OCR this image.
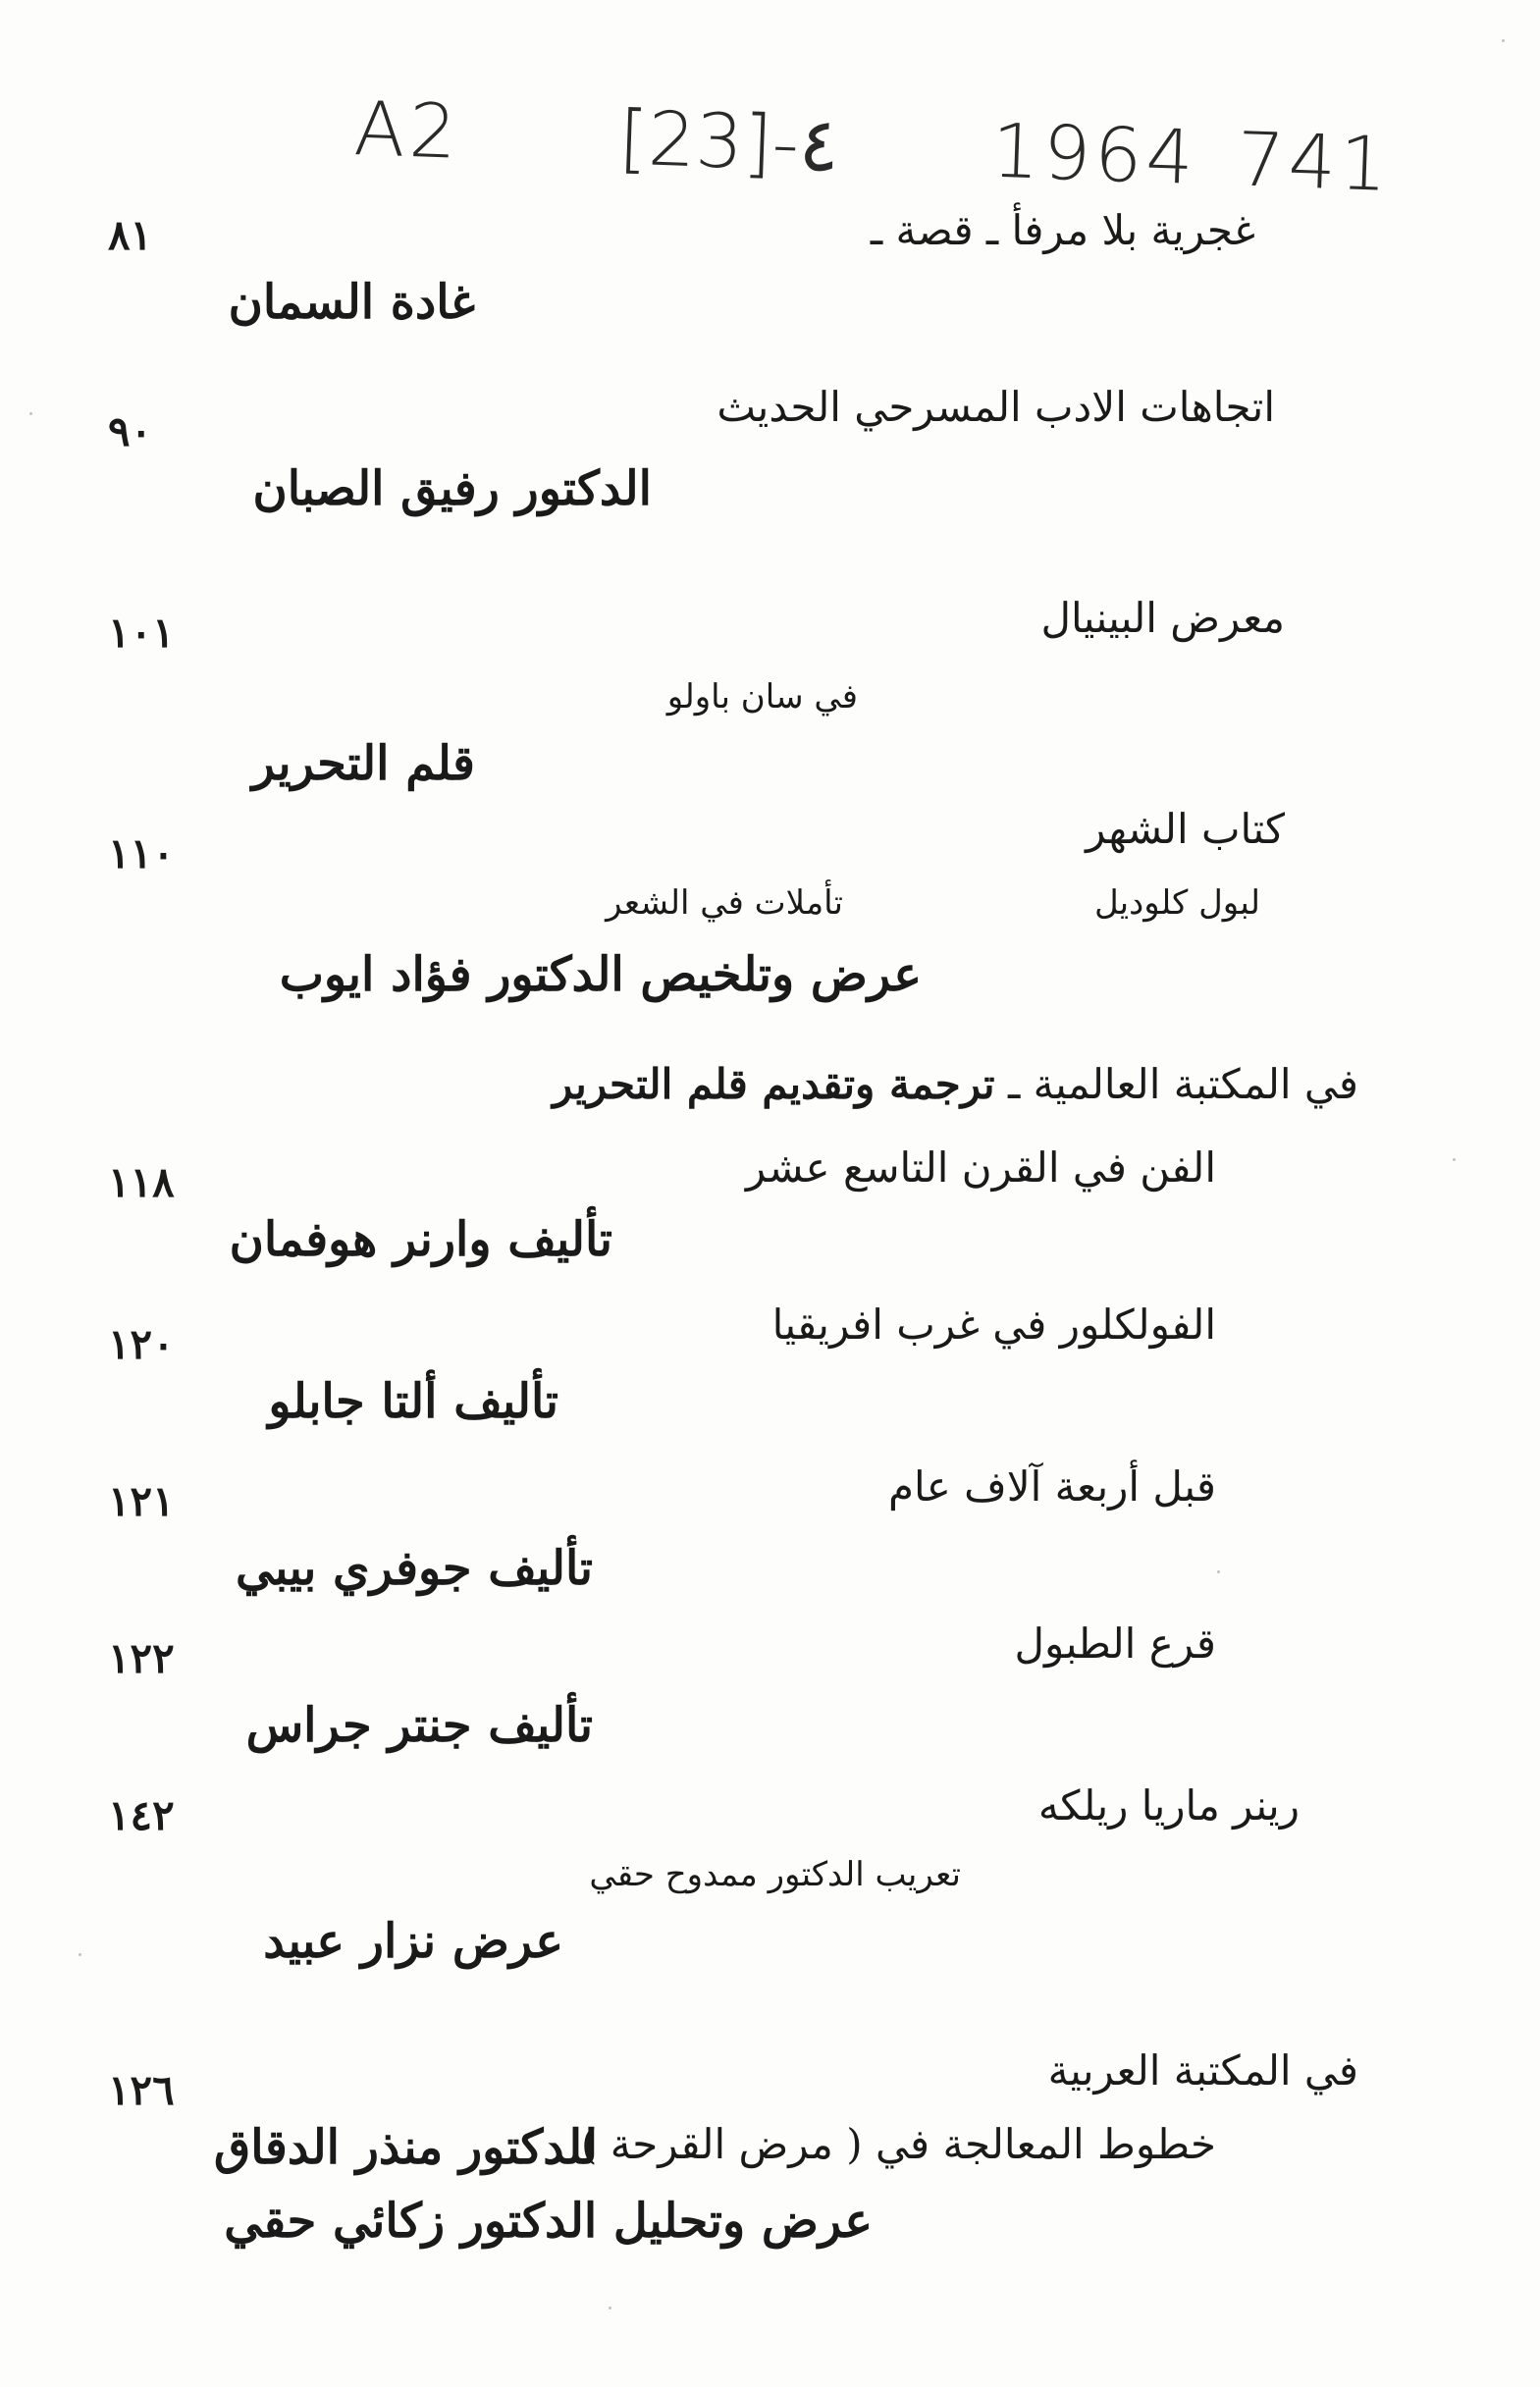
A2 [23]-٤ 1964 741
غجرية بلا مرفأ ـ قصة ـ
٨١
غادة السمان
اتجاهات الادب المسرحي الحديث
٩٠
الدكتور رفيق الصبان
معرض البينيال
١٠١
في سان باولو
قلم التحرير
كتاب الشهر
١١٠
لبول كلوديل
تأملات في الشعر
عرض وتلخيص الدكتور فؤاد ايوب
في المكتبة العالمية ـ ترجمة وتقديم قلم التحرير
الفن في القرن التاسع عشر
١١٨
تأليف وارنر هوفمان
الفولكلور في غرب افريقيا
١٢٠
تأليف ألتا جابلو
قبل أربعة آلاف عام
١٢١
تأليف جوفري بيبي
قرع الطبول
١٢٢
تأليف جنتر جراس
رينر ماريا ريلكه
١٤٢
تعريب الدكتور ممدوح حقي
عرض نزار عبيد
في المكتبة العربية
١٢٦
خطوط المعالجة في ( مرض القرحة )
للدكتور منذر الدقاق
عرض وتحليل الدكتور زكائي حقي
